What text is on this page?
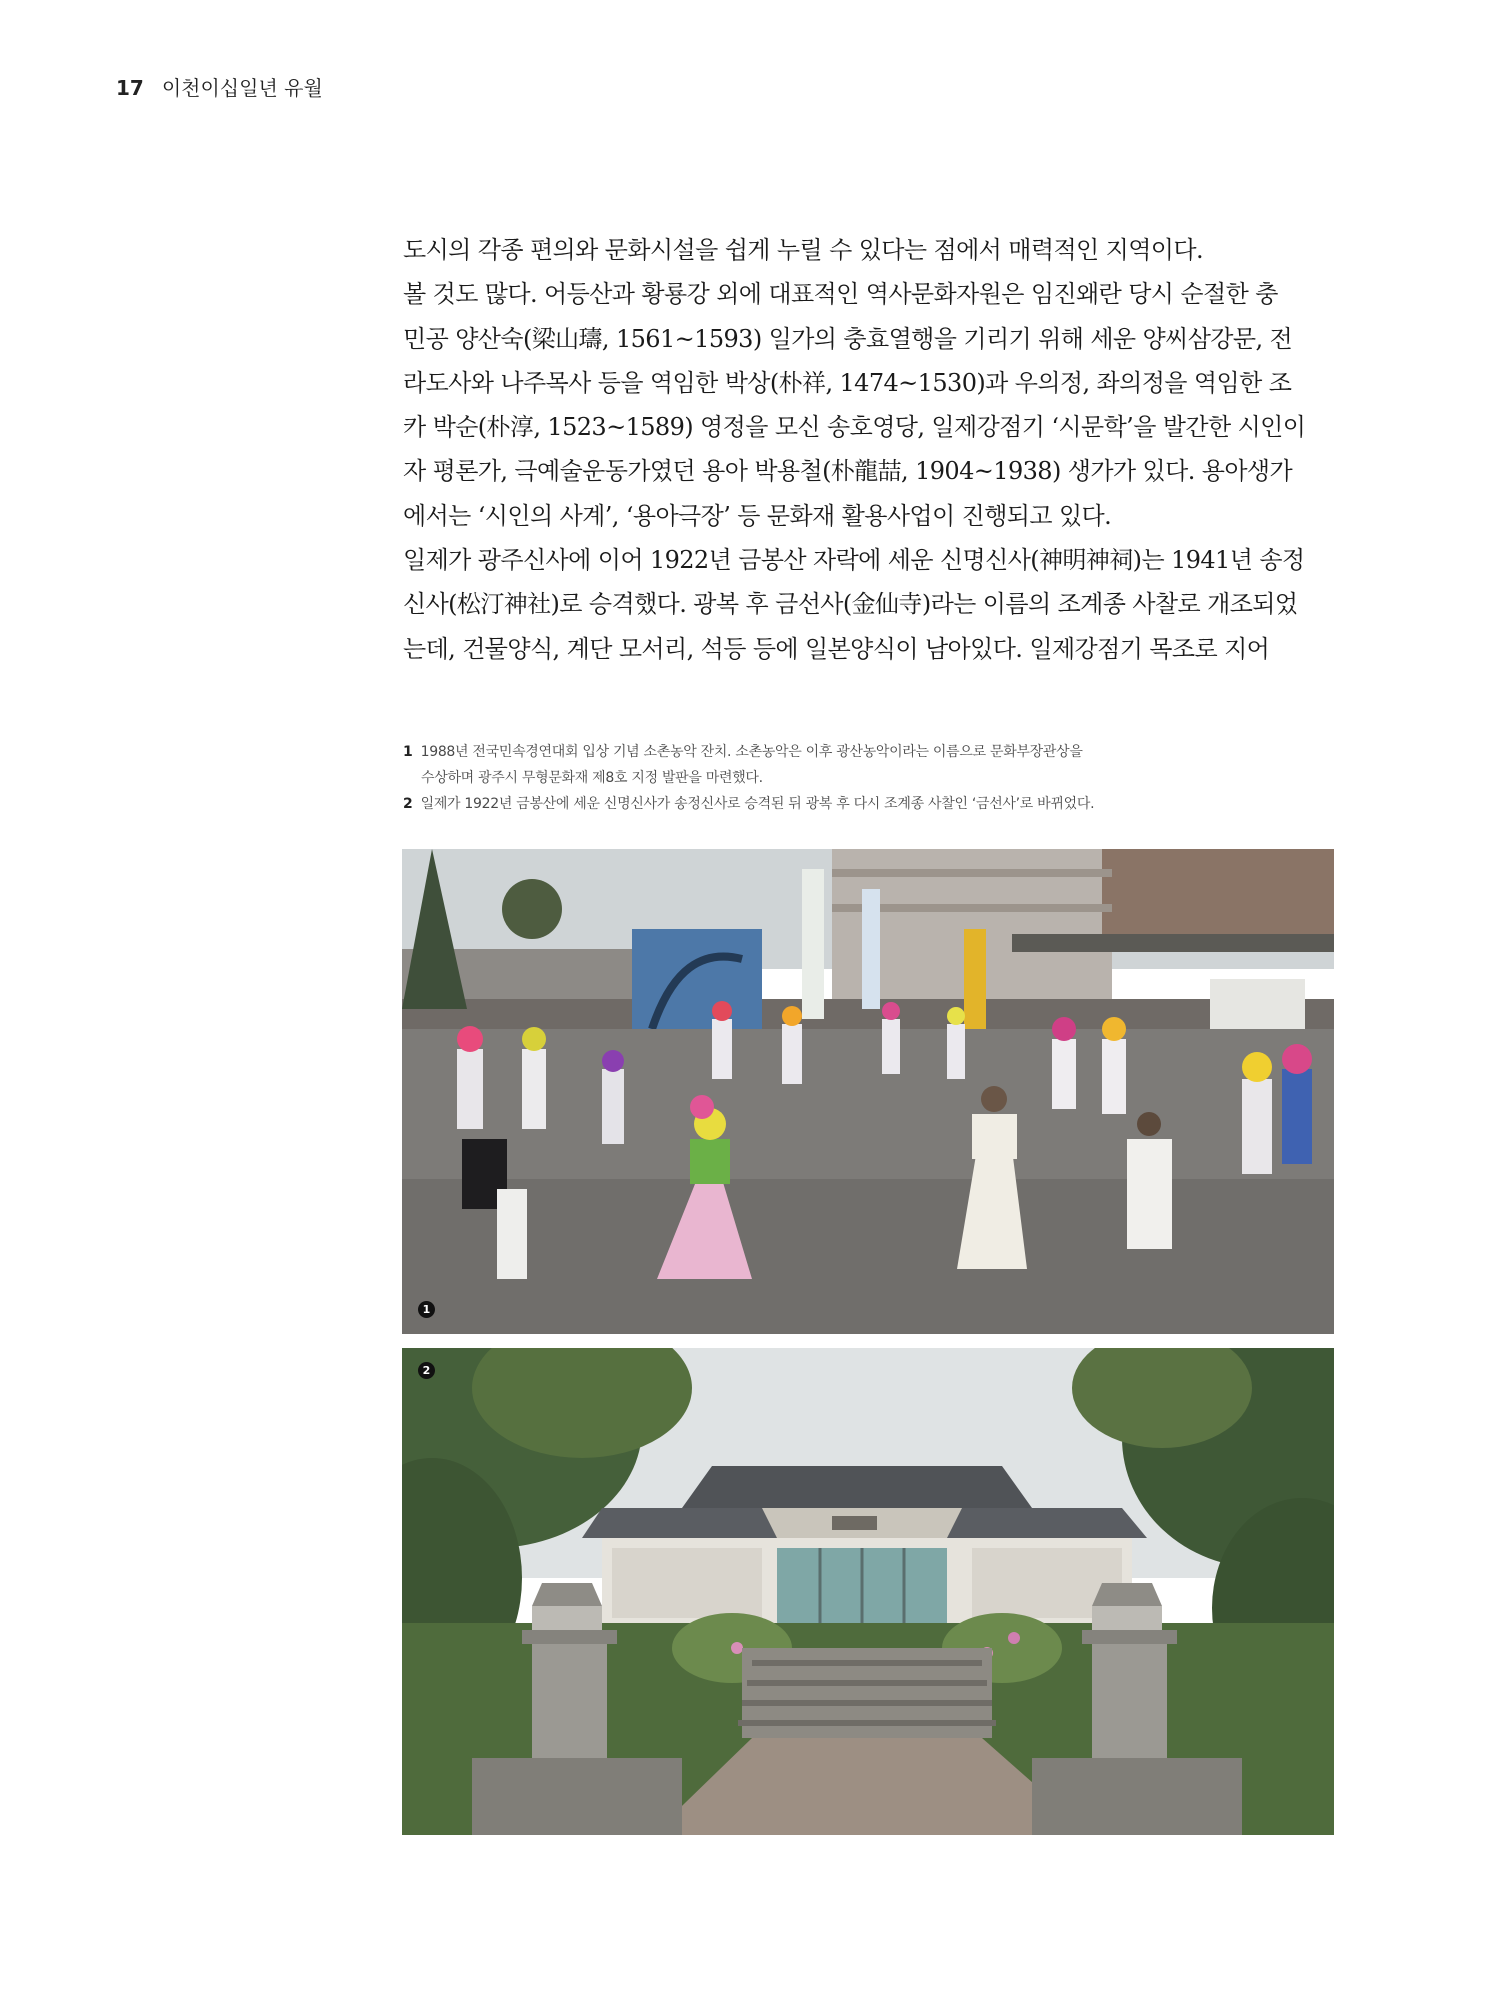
17 이천이십일년 유월
도시의 각종 편의와 문화시설을 쉽게 누릴 수 있다는 점에서 매력적인 지역이다.
볼 것도 많다. 어등산과 황룡강 외에 대표적인 역사문화자원은 임진왜란 당시 순절한 충
민공 양산숙(梁山璹, 1561~1593) 일가의 충효열행을 기리기 위해 세운 양씨삼강문, 전
라도사와 나주목사 등을 역임한 박상(朴祥, 1474~1530)과 우의정, 좌의정을 역임한 조
카 박순(朴淳, 1523~1589) 영정을 모신 송호영당, 일제강점기 ‘시문학’을 발간한 시인이
자 평론가, 극예술운동가였던 용아 박용철(朴龍喆, 1904~1938) 생가가 있다. 용아생가
에서는 ‘시인의 사계’, ‘용아극장’ 등 문화재 활용사업이 진행되고 있다.
일제가 광주신사에 이어 1922년 금봉산 자락에 세운 신명신사(神明神祠)는 1941년 송정
신사(松汀神社)로 승격했다. 광복 후 금선사(金仙寺)라는 이름의 조계종 사찰로 개조되었
는데, 건물양식, 계단 모서리, 석등 등에 일본양식이 남아있다. 일제강점기 목조로 지어
1 1988년 전국민속경연대회 입상 기념 소촌농악 잔치. 소촌농악은 이후 광산농악이라는 이름으로 문화부장관상을
수상하며 광주시 무형문화재 제8호 지정 발판을 마련했다.
2 일제가 1922년 금봉산에 세운 신명신사가 송정신사로 승격된 뒤 광복 후 다시 조계종 사찰인 ‘금선사’로 바뀌었다.
1
2
